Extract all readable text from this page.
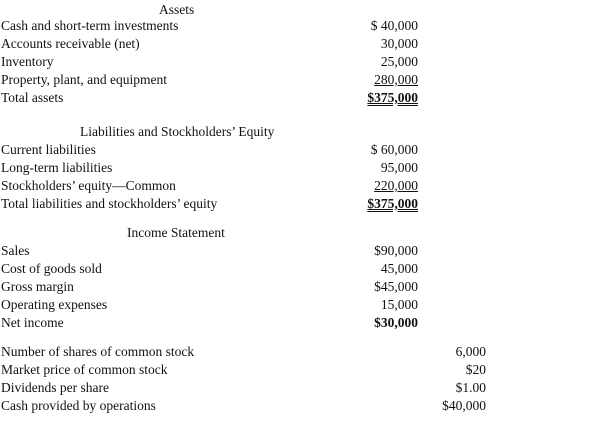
Assets
Cash and short-term investments	$ 40,000
Accounts receivable (net)	30,000
Inventory	25,000
Property, plant, and equipment	280,000
Total assets	$375,000
Liabilities and Stockholders’ Equity
Current liabilities	$ 60,000
Long-term liabilities	95,000
Stockholders’ equity—Common	220,000
Total liabilities and stockholders’ equity	$375,000
Income Statement
Sales	$90,000
Cost of goods sold	45,000
Gross margin	$45,000
Operating expenses	15,000
Net income	$30,000
Number of shares of common stock	6,000
Market price of common stock	$20
Dividends per share	$1.00
Cash provided by operations	$40,000
